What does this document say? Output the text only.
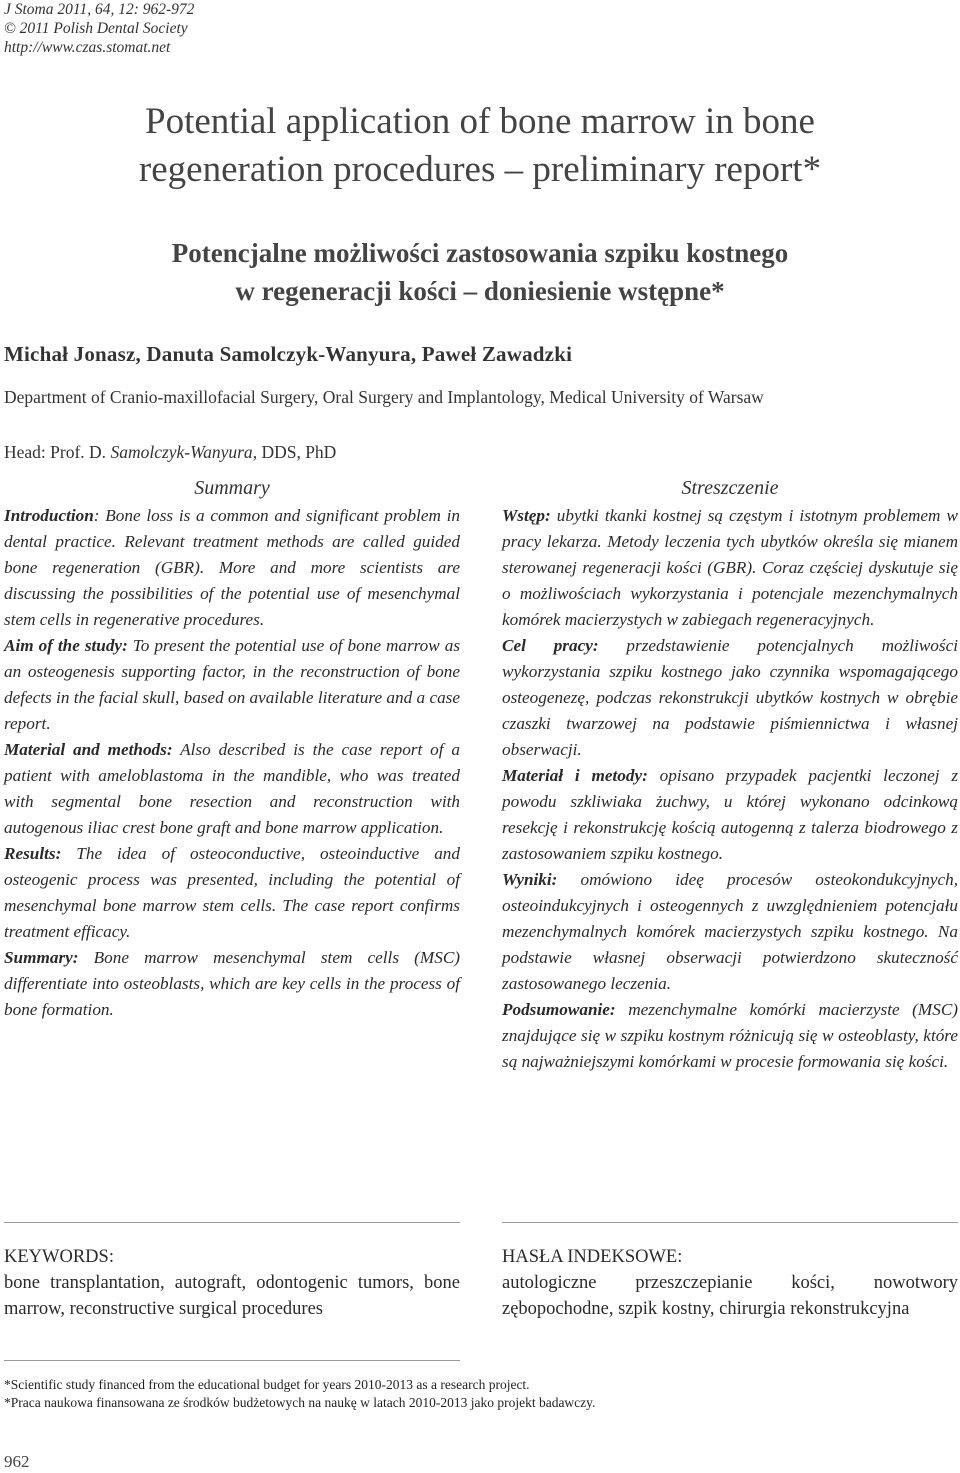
J Stoma 2011, 64, 12: 962-972
© 2011 Polish Dental Society
http://www.czas.stomat.net
Potential application of bone marrow in bone
regeneration procedures – preliminary report*
Potencjalne możliwości zastosowania szpiku kostnego
w regeneracji kości – doniesienie wstępne*
Michał Jonasz, Danuta Samolczyk-Wanyura, Paweł Zawadzki
Department of Cranio-maxillofacial Surgery, Oral Surgery and Implantology, Medical University of Warsaw
Head: Prof. D. Samolczyk-Wanyura, DDS, PhD
Summary

Introduction: Bone loss is a common and significant problem in dental practice. Relevant treatment methods are called guided bone regeneration (GBR). More and more scientists are discussing the possibilities of the potential use of mesenchymal stem cells in regenerative procedures.
Aim of the study: To present the potential use of bone marrow as an osteogenesis supporting factor, in the reconstruction of bone defects in the facial skull, based on available literature and a case report.
Material and methods: Also described is the case report of a patient with ameloblastoma in the mandible, who was treated with segmental bone resection and reconstruction with autogenous iliac crest bone graft and bone marrow application.
Results: The idea of osteoconductive, osteoinductive and osteogenic process was presented, including the potential of mesenchymal bone marrow stem cells. The case report confirms treatment efficacy.
Summary: Bone marrow mesenchymal stem cells (MSC) differentiate into osteoblasts, which are key cells in the process of bone formation.

Streszczenie

Wstęp: ubytki tkanki kostnej są częstym i istotnym problemem w pracy lekarza. Metody leczenia tych ubytków określa się mianem sterowanej regeneracji kości (GBR). Coraz częściej dyskutuje się o możliwościach wykorzystania i potencjale mezenchymalnych komórek macierzystych w zabiegach regeneracyjnych.
Cel pracy: przedstawienie potencjalnych możliwości wykorzystania szpiku kostnego jako czynnika wspomagającego osteogenezę, podczas rekonstrukcji ubytków kostnych w obrębie czaszki twarzowej na podstawie piśmiennictwa i własnej obserwacji.
Materiał i metody: opisano przypadek pacjentki leczonej z powodu szkliwiaka żuchwy, u której wykonano odcinkową resekcję i rekonstrukcję kością autogenną z talerza biodrowego z zastosowaniem szpiku kostnego.
Wyniki: omówiono ideę procesów osteokondukcyjnych, osteoindukcyjnych i osteogennych z uwzględnieniem potencjału mezenchymalnych komórek macierzystych szpiku kostnego. Na podstawie własnej obserwacji potwierdzono skuteczność zastosowanego leczenia.
Podsumowanie: mezenchymalne komórki macierzyste (MSC) znajdujące się w szpiku kostnym różnicują się w osteoblasty, które są najważniejszymi komórkami w procesie formowania się kości.

KEYWORDS:
bone transplantation, autograft, odontogenic tumors, bone marrow, reconstructive surgical procedures
HASŁA INDEKSOWE:
autologiczne przeszczepianie kości, nowotwory zębopochodne, szpik kostny, chirurgia rekonstrukcyjna
*Scientific study financed from the educational budget for years 2010-2013 as a research project.
*Praca naukowa finansowana ze środków budżetowych na naukę w latach 2010-2013 jako projekt badawczy.
962
